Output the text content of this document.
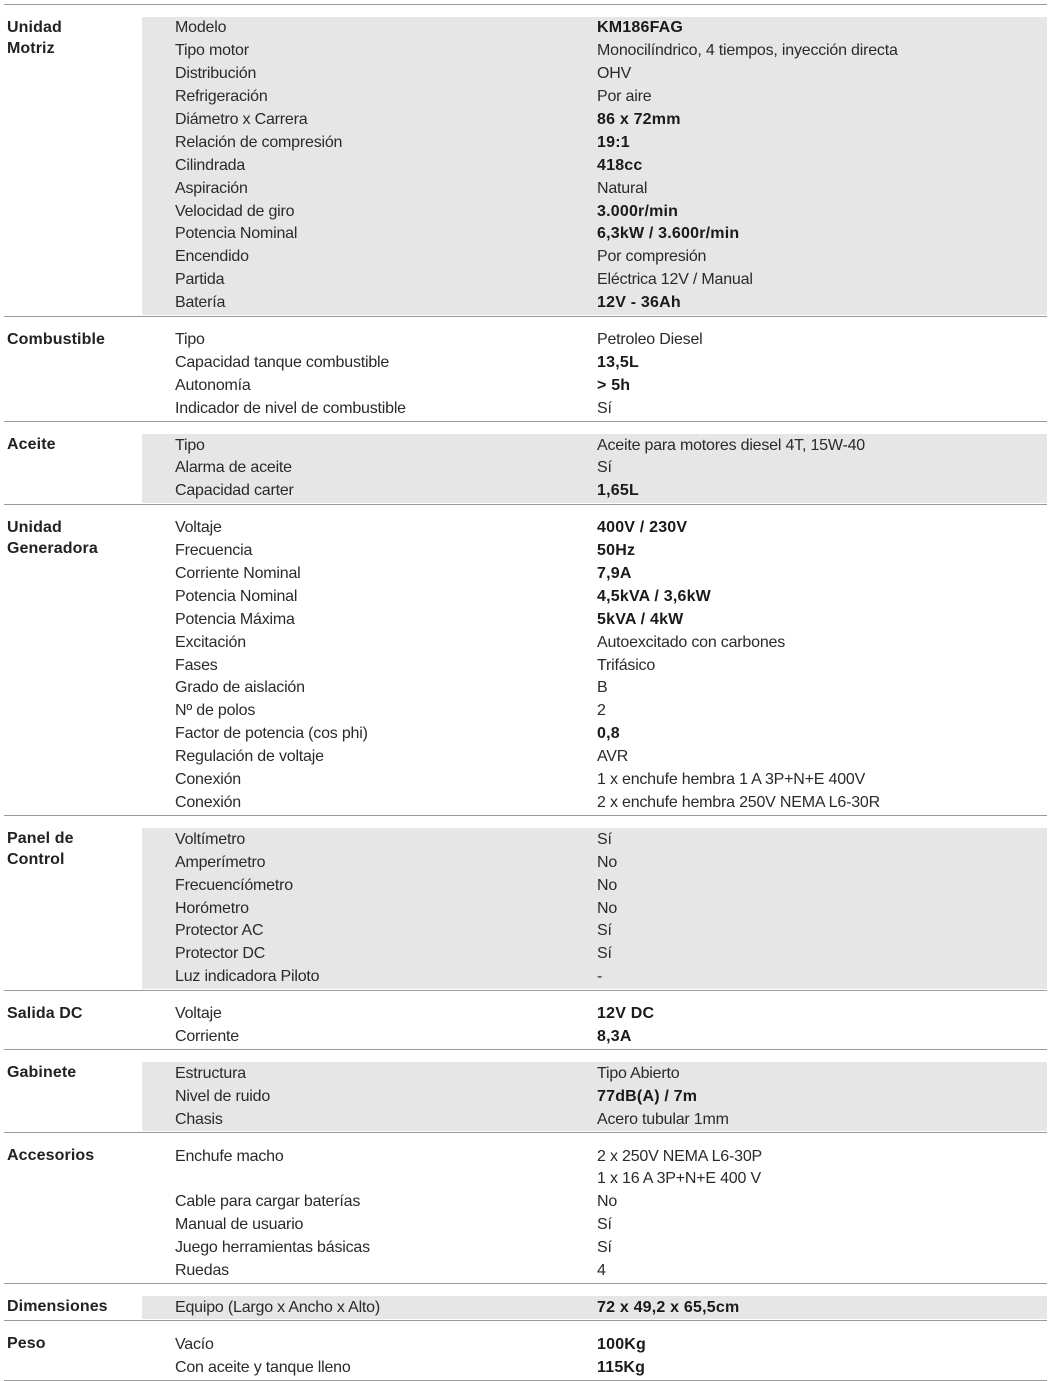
Unidad
Motriz
Modelo	KM186FAG
Tipo motor	Monocilíndrico, 4 tiempos, inyección directa
Distribución	OHV
Refrigeración	Por aire
Diámetro x Carrera	86 x 72mm
Relación de compresión	19:1
Cilindrada	418cc
Aspiración	Natural
Velocidad de giro	3.000r/min
Potencia Nominal	6,3kW / 3.600r/min
Encendido	Por compresión
Partida	Eléctrica 12V / Manual
Batería	12V - 36Ah
Combustible	Tipo	Petroleo Diesel
Capacidad tanque combustible	13,5L
Autonomía	> 5h
Indicador de nivel de combustible	Sí
Aceite	Tipo	Aceite para motores diesel 4T, 15W-40
Alarma de aceite	Sí
Capacidad carter	1,65L
Unidad
Generadora
Voltaje	400V / 230V
Frecuencia	50Hz
Corriente Nominal	7,9A
Potencia Nominal	4,5kVA / 3,6kW
Potencia Máxima	5kVA / 4kW
Excitación	Autoexcitado con carbones
Fases	Trifásico
Grado de aislación	B
Nº de polos	2
Factor de potencia (cos phi)	0,8
Regulación de voltaje	AVR
Conexión	1 x enchufe hembra 1 A 3P+N+E 400V
Conexión	2 x enchufe hembra 250V NEMA L6-30R
Panel de
Control
Voltímetro	Sí
Amperímetro	No
Frecuencíómetro	No
Horómetro	No
Protector AC	Sí
Protector DC	Sí
Luz indicadora Piloto	-
Salida DC	Voltaje	12V DC
Corriente	8,3A
Gabinete	Estructura	Tipo Abierto
Nivel de ruido	77dB(A) / 7m
Chasis	Acero tubular 1mm
Accesorios	Enchufe macho	2 x 250V NEMA L6-30P
1 x 16 A 3P+N+E 400 V
Cable para cargar baterías	No
Manual de usuario	Sí
Juego herramientas básicas	Sí
Ruedas	4
Dimensiones	Equipo (Largo x Ancho x Alto)	72 x 49,2 x 65,5cm
Peso	Vacío	100Kg
Con aceite y tanque lleno	115Kg
